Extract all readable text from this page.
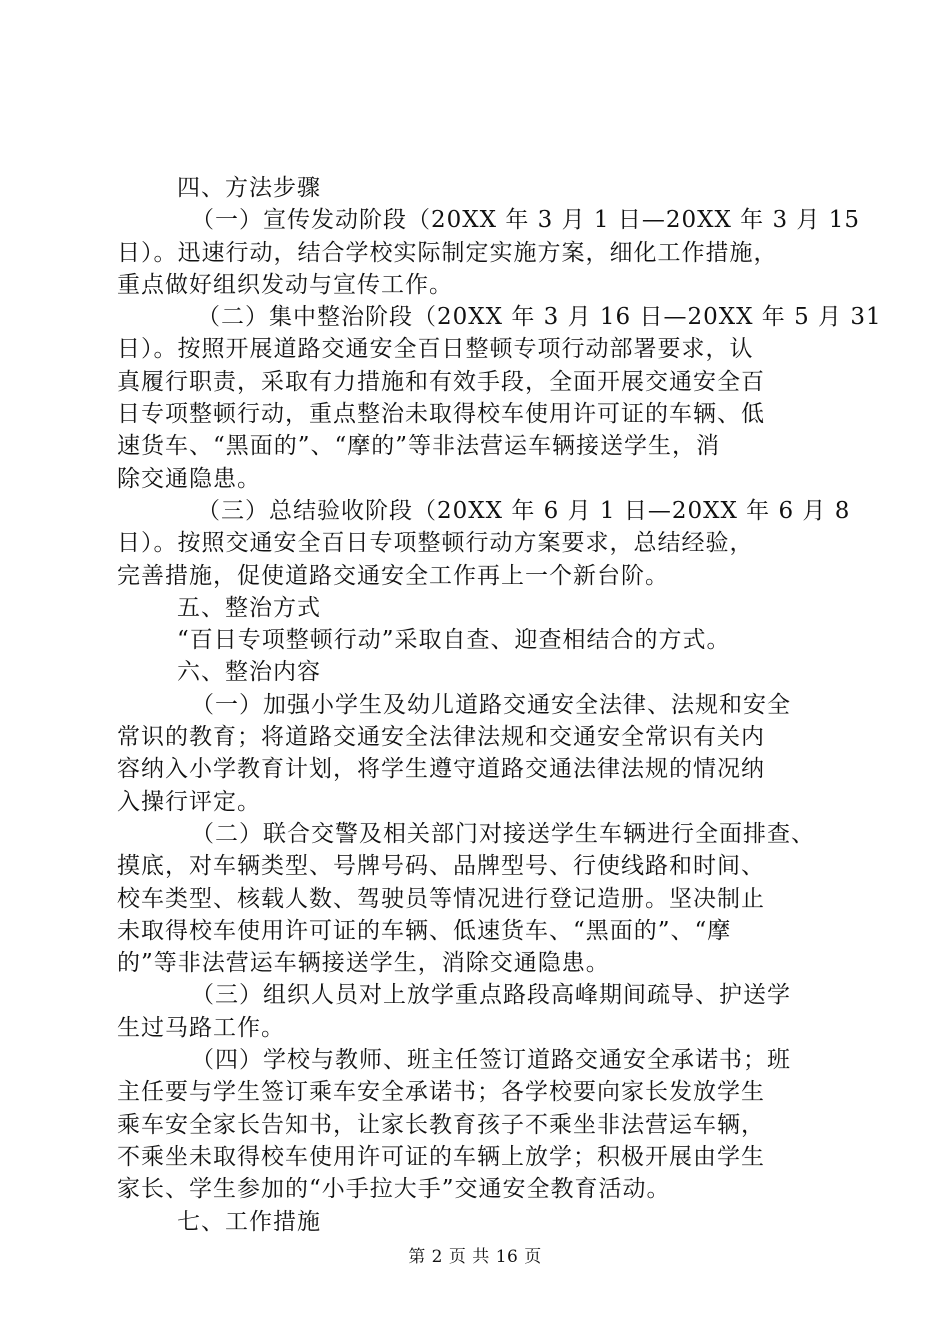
四、方法步骤
（一）宣传发动阶段（20XX 年 3 月 1 日—20XX 年 3 月 15
日）。迅速行动，结合学校实际制定实施方案，细化工作措施，
重点做好组织发动与宣传工作。
（二）集中整治阶段（20XX 年 3 月 16 日—20XX 年 5 月 31
日）。按照开展道路交通安全百日整顿专项行动部署要求，认
真履行职责，采取有力措施和有效手段，全面开展交通安全百
日专项整顿行动，重点整治未取得校车使用许可证的车辆、低
速货车、“黑面的”、“摩的”等非法营运车辆接送学生，消
除交通隐患。
（三）总结验收阶段（20XX 年 6 月 1 日—20XX 年 6 月 8
日）。按照交通安全百日专项整顿行动方案要求，总结经验，
完善措施，促使道路交通安全工作再上一个新台阶。
五、整治方式
“百日专项整顿行动”采取自查、迎查相结合的方式。
六、整治内容
（一）加强小学生及幼儿道路交通安全法律、法规和安全
常识的教育；将道路交通安全法律法规和交通安全常识有关内
容纳入小学教育计划，将学生遵守道路交通法律法规的情况纳
入操行评定。
（二）联合交警及相关部门对接送学生车辆进行全面排查、
摸底，对车辆类型、号牌号码、品牌型号、行使线路和时间、
校车类型、核载人数、驾驶员等情况进行登记造册。坚决制止
未取得校车使用许可证的车辆、低速货车、“黑面的”、“摩
的”等非法营运车辆接送学生，消除交通隐患。
（三）组织人员对上放学重点路段高峰期间疏导、护送学
生过马路工作。
（四）学校与教师、班主任签订道路交通安全承诺书；班
主任要与学生签订乘车安全承诺书；各学校要向家长发放学生
乘车安全家长告知书，让家长教育孩子不乘坐非法营运车辆，
不乘坐未取得校车使用许可证的车辆上放学；积极开展由学生
家长、学生参加的“小手拉大手”交通安全教育活动。
七、工作措施
第 2 页 共 16 页
